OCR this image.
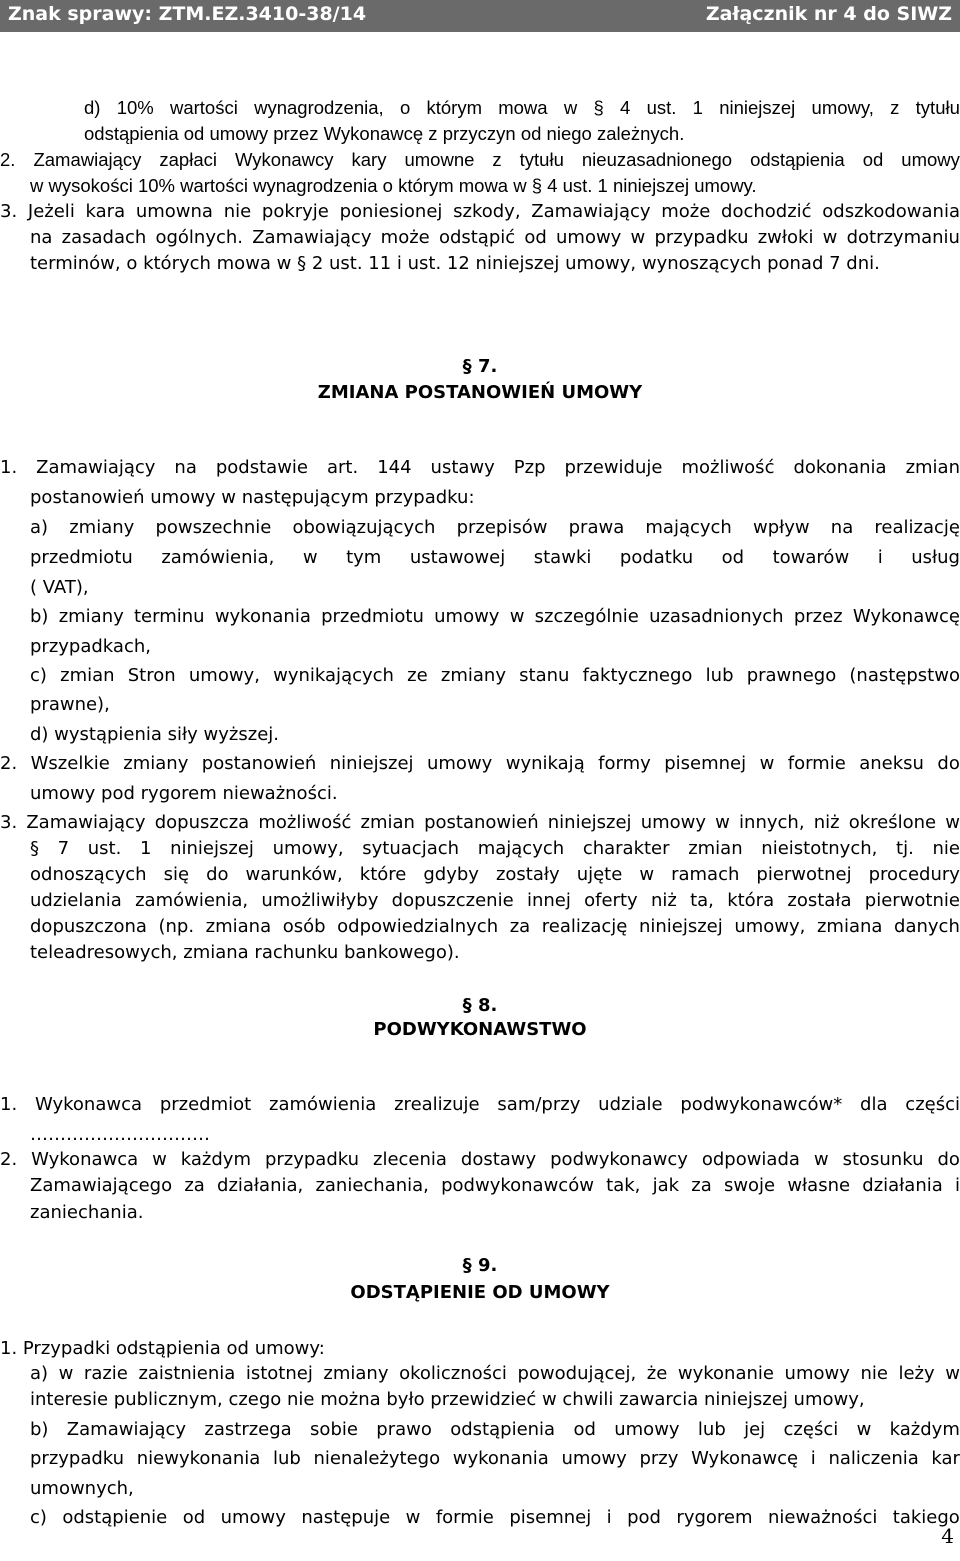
Znak sprawy: ZTM.EZ.3410-38/14	Załącznik nr 4 do SIWZ
d) 10% wartości wynagrodzenia, o którym mowa w § 4 ust. 1 niniejszej umowy, z tytułu
odstąpienia od umowy przez Wykonawcę z przyczyn od niego zależnych.
2. Zamawiający zapłaci Wykonawcy kary umowne z tytułu nieuzasadnionego odstąpienia od umowy
w wysokości 10% wartości wynagrodzenia o którym mowa w § 4 ust. 1 niniejszej umowy.
3. Jeżeli kara umowna nie pokryje poniesionej szkody, Zamawiający może dochodzić odszkodowania
na zasadach ogólnych. Zamawiający może odstąpić od umowy w przypadku zwłoki w dotrzymaniu
terminów, o których mowa w § 2 ust. 11 i ust. 12 niniejszej umowy, wynoszących ponad 7 dni.
§ 7.
ZMIANA POSTANOWIEŃ UMOWY
1. Zamawiający na podstawie art. 144 ustawy Pzp przewiduje możliwość dokonania zmian
postanowień umowy w następującym przypadku:
a) zmiany powszechnie obowiązujących przepisów prawa mających wpływ na realizację
przedmiotu zamówienia, w tym ustawowej stawki podatku od towarów i usług
( VAT),
b) zmiany terminu wykonania przedmiotu umowy w szczególnie uzasadnionych przez Wykonawcę
przypadkach,
c) zmian Stron umowy, wynikających ze zmiany stanu faktycznego lub prawnego (następstwo
prawne),
d) wystąpienia siły wyższej.
2. Wszelkie zmiany postanowień niniejszej umowy wynikają formy pisemnej w formie aneksu do
umowy pod rygorem nieważności.
3. Zamawiający dopuszcza możliwość zmian postanowień niniejszej umowy w innych, niż określone w
§ 7 ust. 1 niniejszej umowy, sytuacjach mających charakter zmian nieistotnych, tj. nie
odnoszących się do warunków, które gdyby zostały ujęte w ramach pierwotnej procedury
udzielania zamówienia, umożliwiłyby dopuszczenie innej oferty niż ta, która została pierwotnie
dopuszczona (np. zmiana osób odpowiedzialnych za realizację niniejszej umowy, zmiana danych
teleadresowych, zmiana rachunku bankowego).
§ 8.
PODWYKONAWSTWO
1. Wykonawca przedmiot zamówienia zrealizuje sam/przy udziale podwykonawców* dla części
…………………………
2. Wykonawca w każdym przypadku zlecenia dostawy podwykonawcy odpowiada w stosunku do
Zamawiającego za działania, zaniechania, podwykonawców tak, jak za swoje własne działania i
zaniechania.
§ 9.
ODSTĄPIENIE OD UMOWY
1. Przypadki odstąpienia od umowy:
a) w razie zaistnienia istotnej zmiany okoliczności powodującej, że wykonanie umowy nie leży w
interesie publicznym, czego nie można było przewidzieć w chwili zawarcia niniejszej umowy,
b) Zamawiający zastrzega sobie prawo odstąpienia od umowy lub jej części w każdym
przypadku niewykonania lub nienależytego wykonania umowy przy Wykonawcę i naliczenia kar
umownych,
c) odstąpienie od umowy następuje w formie pisemnej i pod rygorem nieważności takiego
4
